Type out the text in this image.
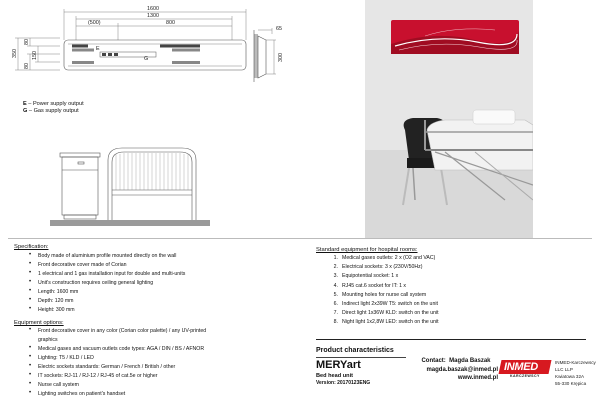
1600
1300
(500)	800
350
80
150
80
E
G
65
300
E – Power supply output
G – Gas supply output
Specification:
• Body made of aluminium profile mounted directly on the wall
• Front decorative cover made of Corian
• 1 electrical and 1 gas installation input for double and multi-units
• Unit's construction requires ceiling general lighting
• Length: 1600 mm
• Depth: 120 mm
• Height: 300 mm
Equipment options:
• Front decorative cover in any color (Corian color palette) / any UV-printed
graphics
• Medical gases and vacuum outlets code types: AGA / DIN / BS / AFNOR
• Lighting: T5 / KLD / LED
• Electric sockets standards: German / French / British / other
• IT sockets: RJ-11 / RJ-12 / RJ-45 of cat.5e or higher
• Nurse call system
• Lighting switches on patient's handset
Standard equipment for hospital rooms:
1. Medical gases outlets: 2 x (O2 and VAC)
2. Electrical sockets: 3 x (230V/50Hz)
3. Equipotential socket: 1 x
4. RJ45 cat.6 socket for IT: 1 x
5. Mounting holes for nurse call system
6. Indirect light 2x39W T5: switch on the unit
7. Direct light 1x36W KLD: switch on the unit
8. Night light 1x2,8W LED: switch on the unit
Product characteristics
MERYart
Bed head unit
Version: 20170123ENG
Contact: Magda Baszak
magda.baszak@inmed.pl
www.inmed.pl
INMED
KARCZEWSCY
INMED-Karczewscy
LLC LLP
Kwiatowa 32A
55-330 Krępica
